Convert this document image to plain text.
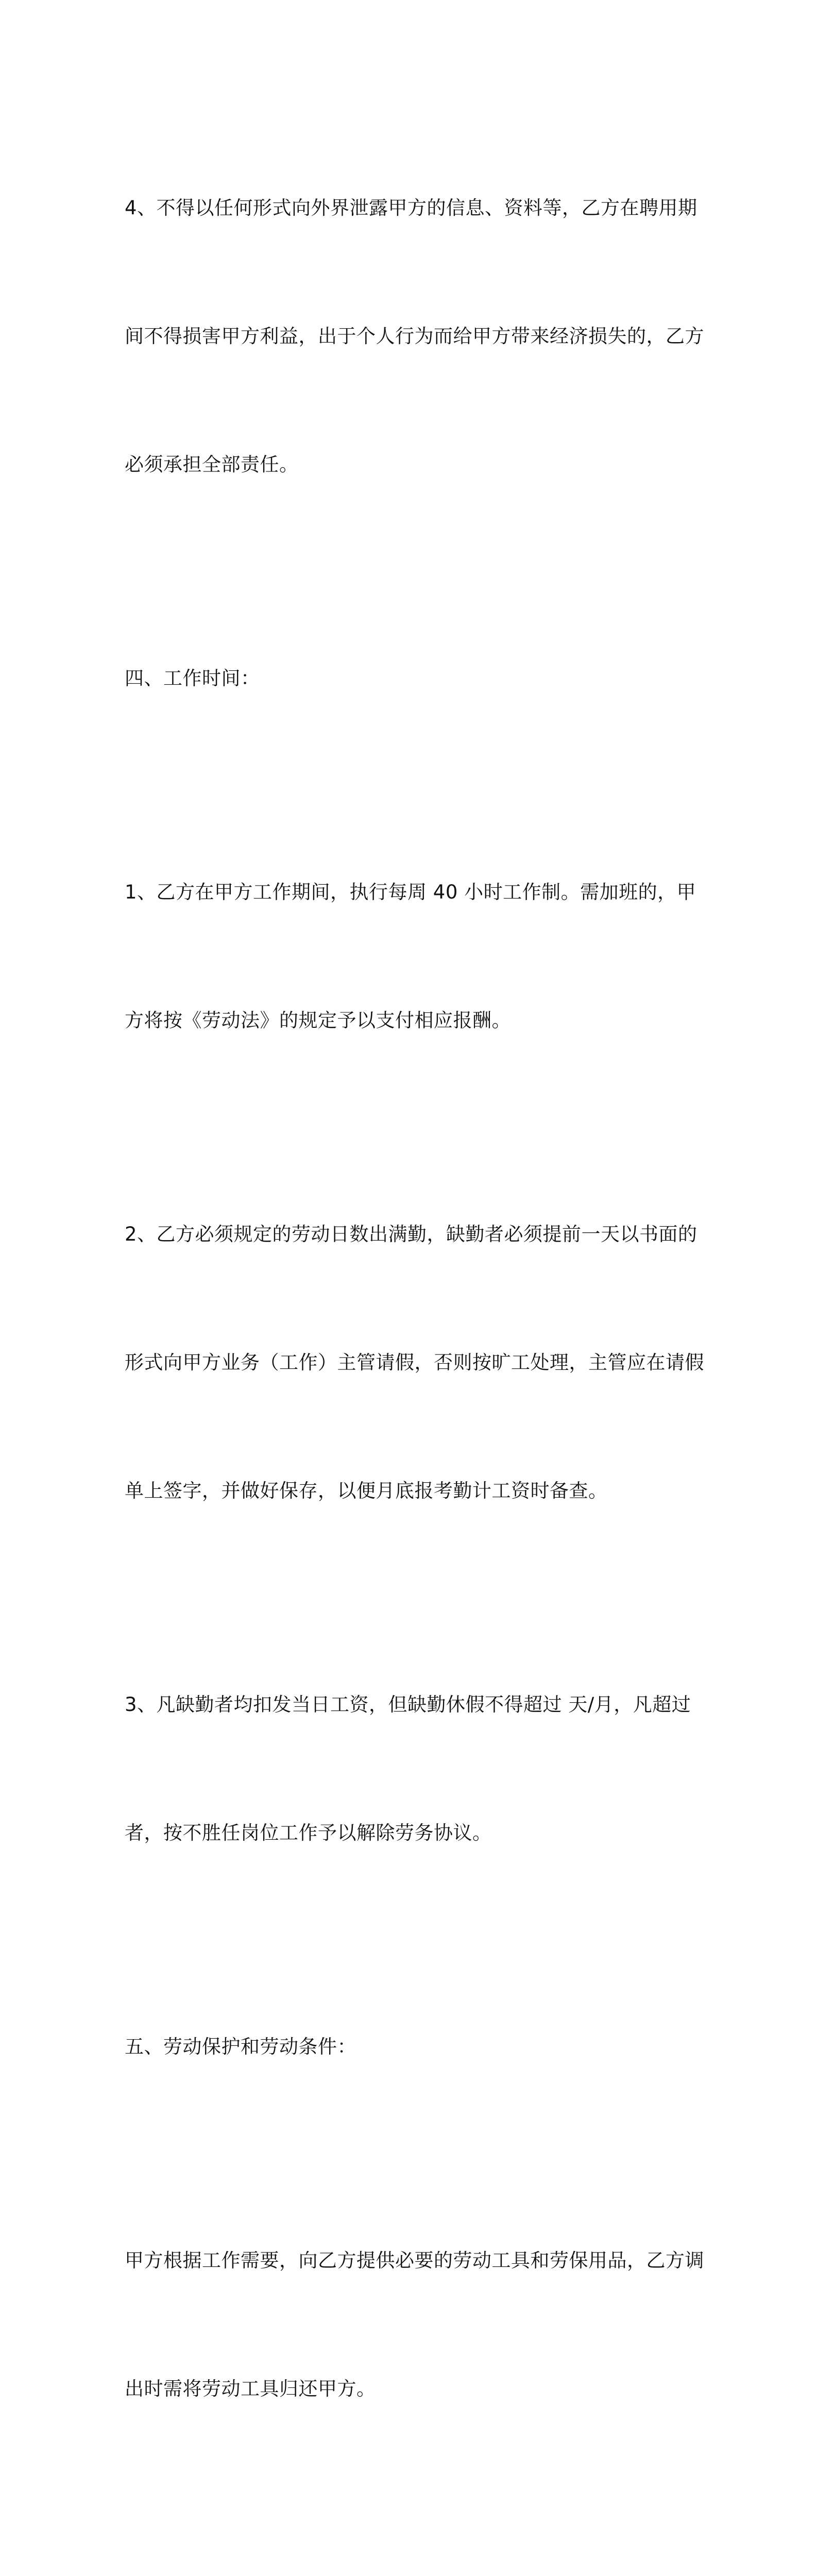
4、不得以任何形式向外界泄露甲方的信息、资料等，乙方在聘用期

间不得损害甲方利益，出于个人行为而给甲方带来经济损失的，乙方

必须承担全部责任。

四、工作时间：

1、乙方在甲方工作期间，执行每周 40 小时工作制。需加班的，甲

方将按《劳动法》的规定予以支付相应报酬。

2、乙方必须规定的劳动日数出满勤，缺勤者必须提前一天以书面的

形式向甲方业务（工作）主管请假，否则按旷工处理，主管应在请假

单上签字，并做好保存，以便月底报考勤计工资时备查。

3、凡缺勤者均扣发当日工资，但缺勤休假不得超过 天/月，凡超过

者，按不胜任岗位工作予以解除劳务协议。

五、劳动保护和劳动条件：

甲方根据工作需要，向乙方提供必要的劳动工具和劳保用品，乙方调

出时需将劳动工具归还甲方。
